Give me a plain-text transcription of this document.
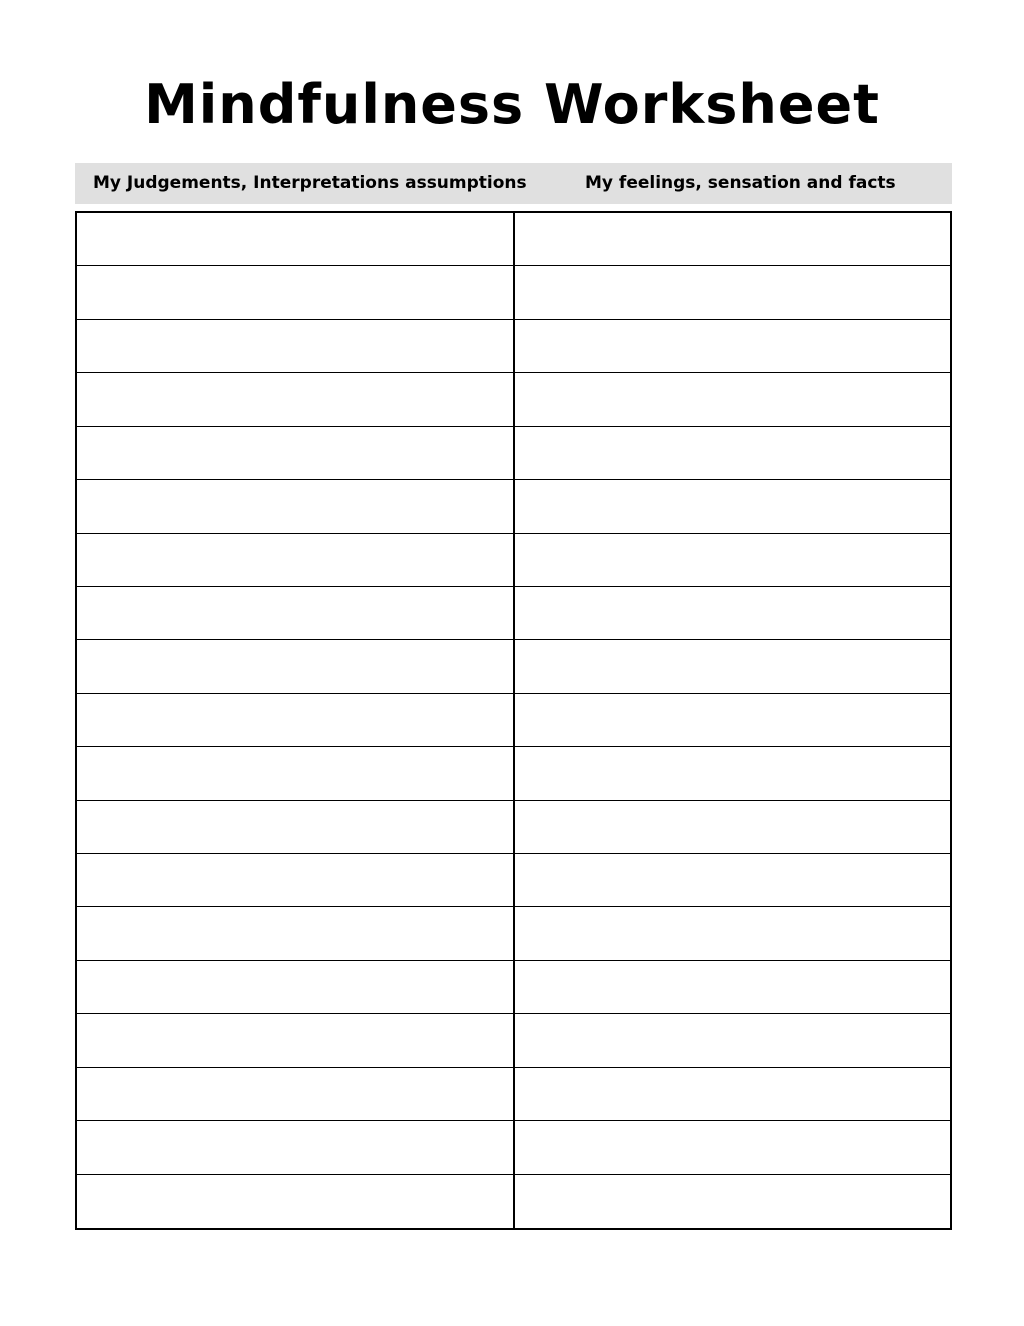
Mindfulness Worksheet
My Judgements, Interpretations assumptions	My feelings, sensation and facts
